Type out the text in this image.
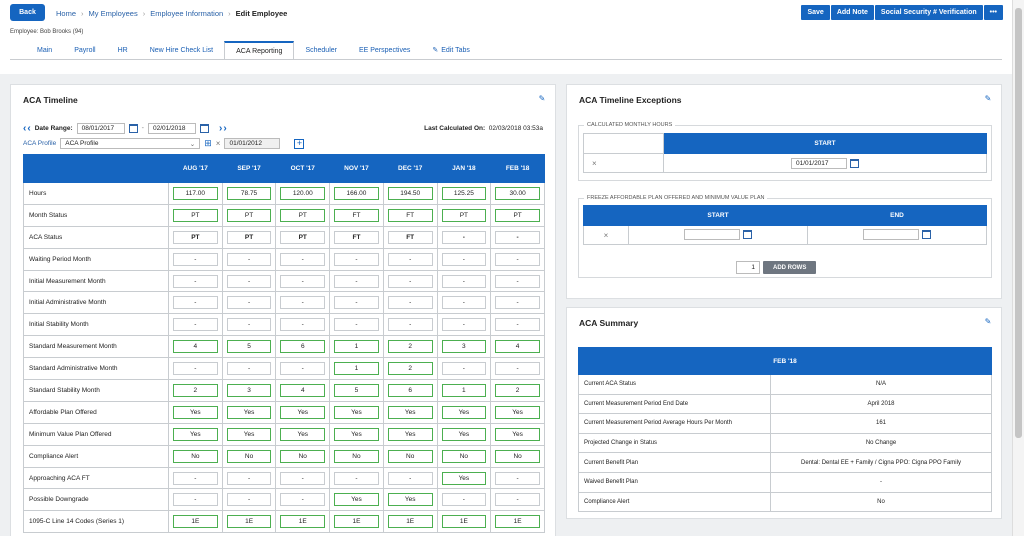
Back	Home › My Employees › Employee Information › Edit Employee	Save	Add Note	Social Security # Verification	•••
Employee: Bob Brooks (94)
Main	Payroll	HR	New Hire Check List	ACA Reporting	Scheduler	EE Perspectives	✎ Edit Tabs
ACA Timeline	✎
‹ ‹ Date Range:	08/01/2017	-	02/01/2018	› ›	Last Calculated On: 02/03/2018 03:53a
ACA Profile ACA Profile	⌄ ⊞ ×	01/01/2012	+
	AUG '17	SEP '17	OCT '17	NOV '17	DEC '17	JAN '18	FEB '18
Hours	117.00	78.75	120.00	166.00	194.50	125.25	30.00
Month Status	PT	PT	PT	FT	FT	PT	PT
ACA Status	PT	PT	PT	FT	FT	-	-
Waiting Period Month	-	-	-	-	-	-	-
Initial Measurement Month	-	-	-	-	-	-	-
Initial Administrative Month	-	-	-	-	-	-	-
Initial Stability Month	-	-	-	-	-	-	-
Standard Measurement Month	4	5	6	1	2	3	4
Standard Administrative Month	-	-	-	1	2	-	-
Standard Stability Month	2	3	4	5	6	1	2
Affordable Plan Offered	Yes	Yes	Yes	Yes	Yes	Yes	Yes
Minimum Value Plan Offered	Yes	Yes	Yes	Yes	Yes	Yes	Yes
Compliance Alert	No	No	No	No	No	No	No
Approaching ACA FT	-	-	-	-	-	Yes	-
Possible Downgrade	-	-	-	Yes	Yes	-	-
1095-C Line 14 Codes (Series 1)	1E	1E	1E	1E	1E	1E	1E
ACA Timeline Exceptions	✎
CALCULATED MONTHLY HOURS
	START
×	01/01/2017
FREEZE AFFORDABLE PLAN OFFERED AND MINIMUM VALUE PLAN
	START	END
×	

1	ADD ROWS
ACA Summary	✎
FEB '18	
Current ACA Status	N/A
Current Measurement Period End Date	April 2018
Current Measurement Period Average Hours Per Month	161
Projected Change in Status	No Change
Current Benefit Plan	Dental: Dental EE + Family / Cigna PPO: Cigna PPO Family
Waived Benefit Plan	-
Compliance Alert	No
